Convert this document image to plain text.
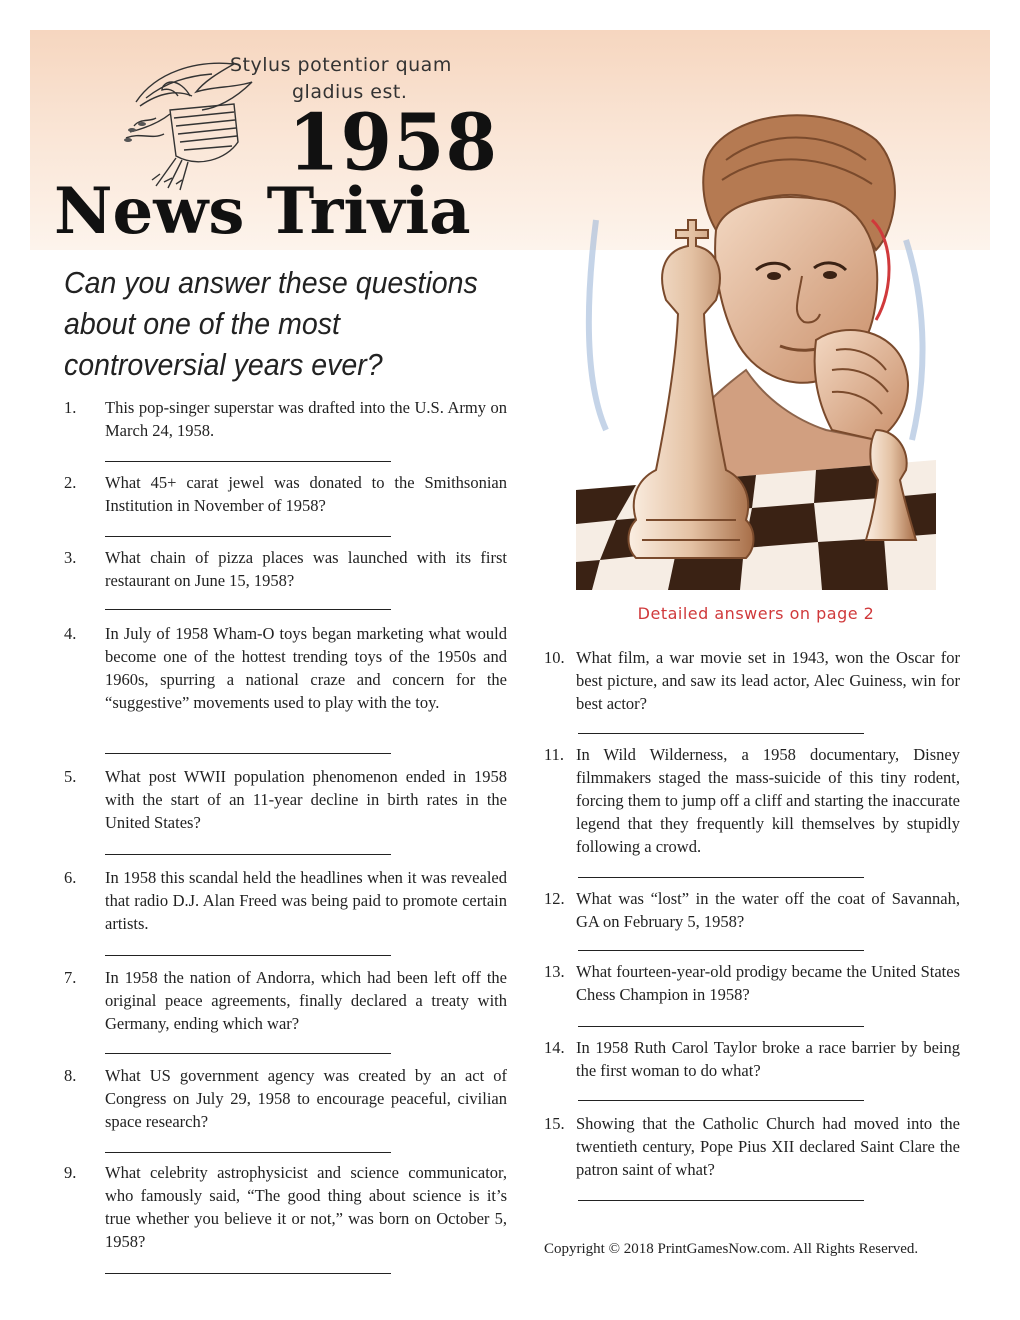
Stylus potentior quam
gladius est.
1958
News Trivia
Can you answer these questions about one of the most controversial years ever?
Detailed answers on page 2
1.	This pop-singer superstar was drafted into the U.S. Army on March 24, 1958.
2.	What 45+ carat jewel was donated to the Smithsonian Institution in November of 1958?
3.	What chain of pizza places was launched with its first restaurant on June 15, 1958?
4.	In July of 1958 Wham-O toys began marketing what would become one of the hottest trending toys of the 1950s and 1960s, spurring a national craze and concern for the “suggestive” movements used to play with the toy.
5.	What post WWII population phenomenon ended in 1958 with the start of an 11-year decline in birth rates in the United States?
6.	In 1958 this scandal held the headlines when it was revealed that radio D.J. Alan Freed was being paid to promote certain artists.
7.	In 1958 the nation of Andorra, which had been left off the original peace agreements, finally declared a treaty with Germany, ending which war?
8.	What US government agency was created by an act of Congress on July 29, 1958 to encourage peaceful, civilian space research?
9.	What celebrity astrophysicist and science communicator, who famously said, “The good thing about science is it’s true whether you believe it or not,” was born on October 5, 1958?
10. What film, a war movie set in 1943, won the Oscar for best picture, and saw its lead actor, Alec Guiness, win for best actor?
11. In Wild Wilderness, a 1958 documentary, Disney filmmakers staged the mass-suicide of this tiny rodent, forcing them to jump off a cliff and starting the inaccurate legend that they frequently kill themselves by stupidly following a crowd.
12. What was “lost” in the water off the coat of Savannah, GA on February 5, 1958?
13. What fourteen-year-old prodigy became the United States Chess Champion in 1958?
14. In 1958 Ruth Carol Taylor broke a race barrier by being the first woman to do what?
15. Showing that the Catholic Church had moved into the twentieth century, Pope Pius XII declared Saint Clare the patron saint of what?
Copyright © 2018 PrintGamesNow.com. All Rights Reserved.
